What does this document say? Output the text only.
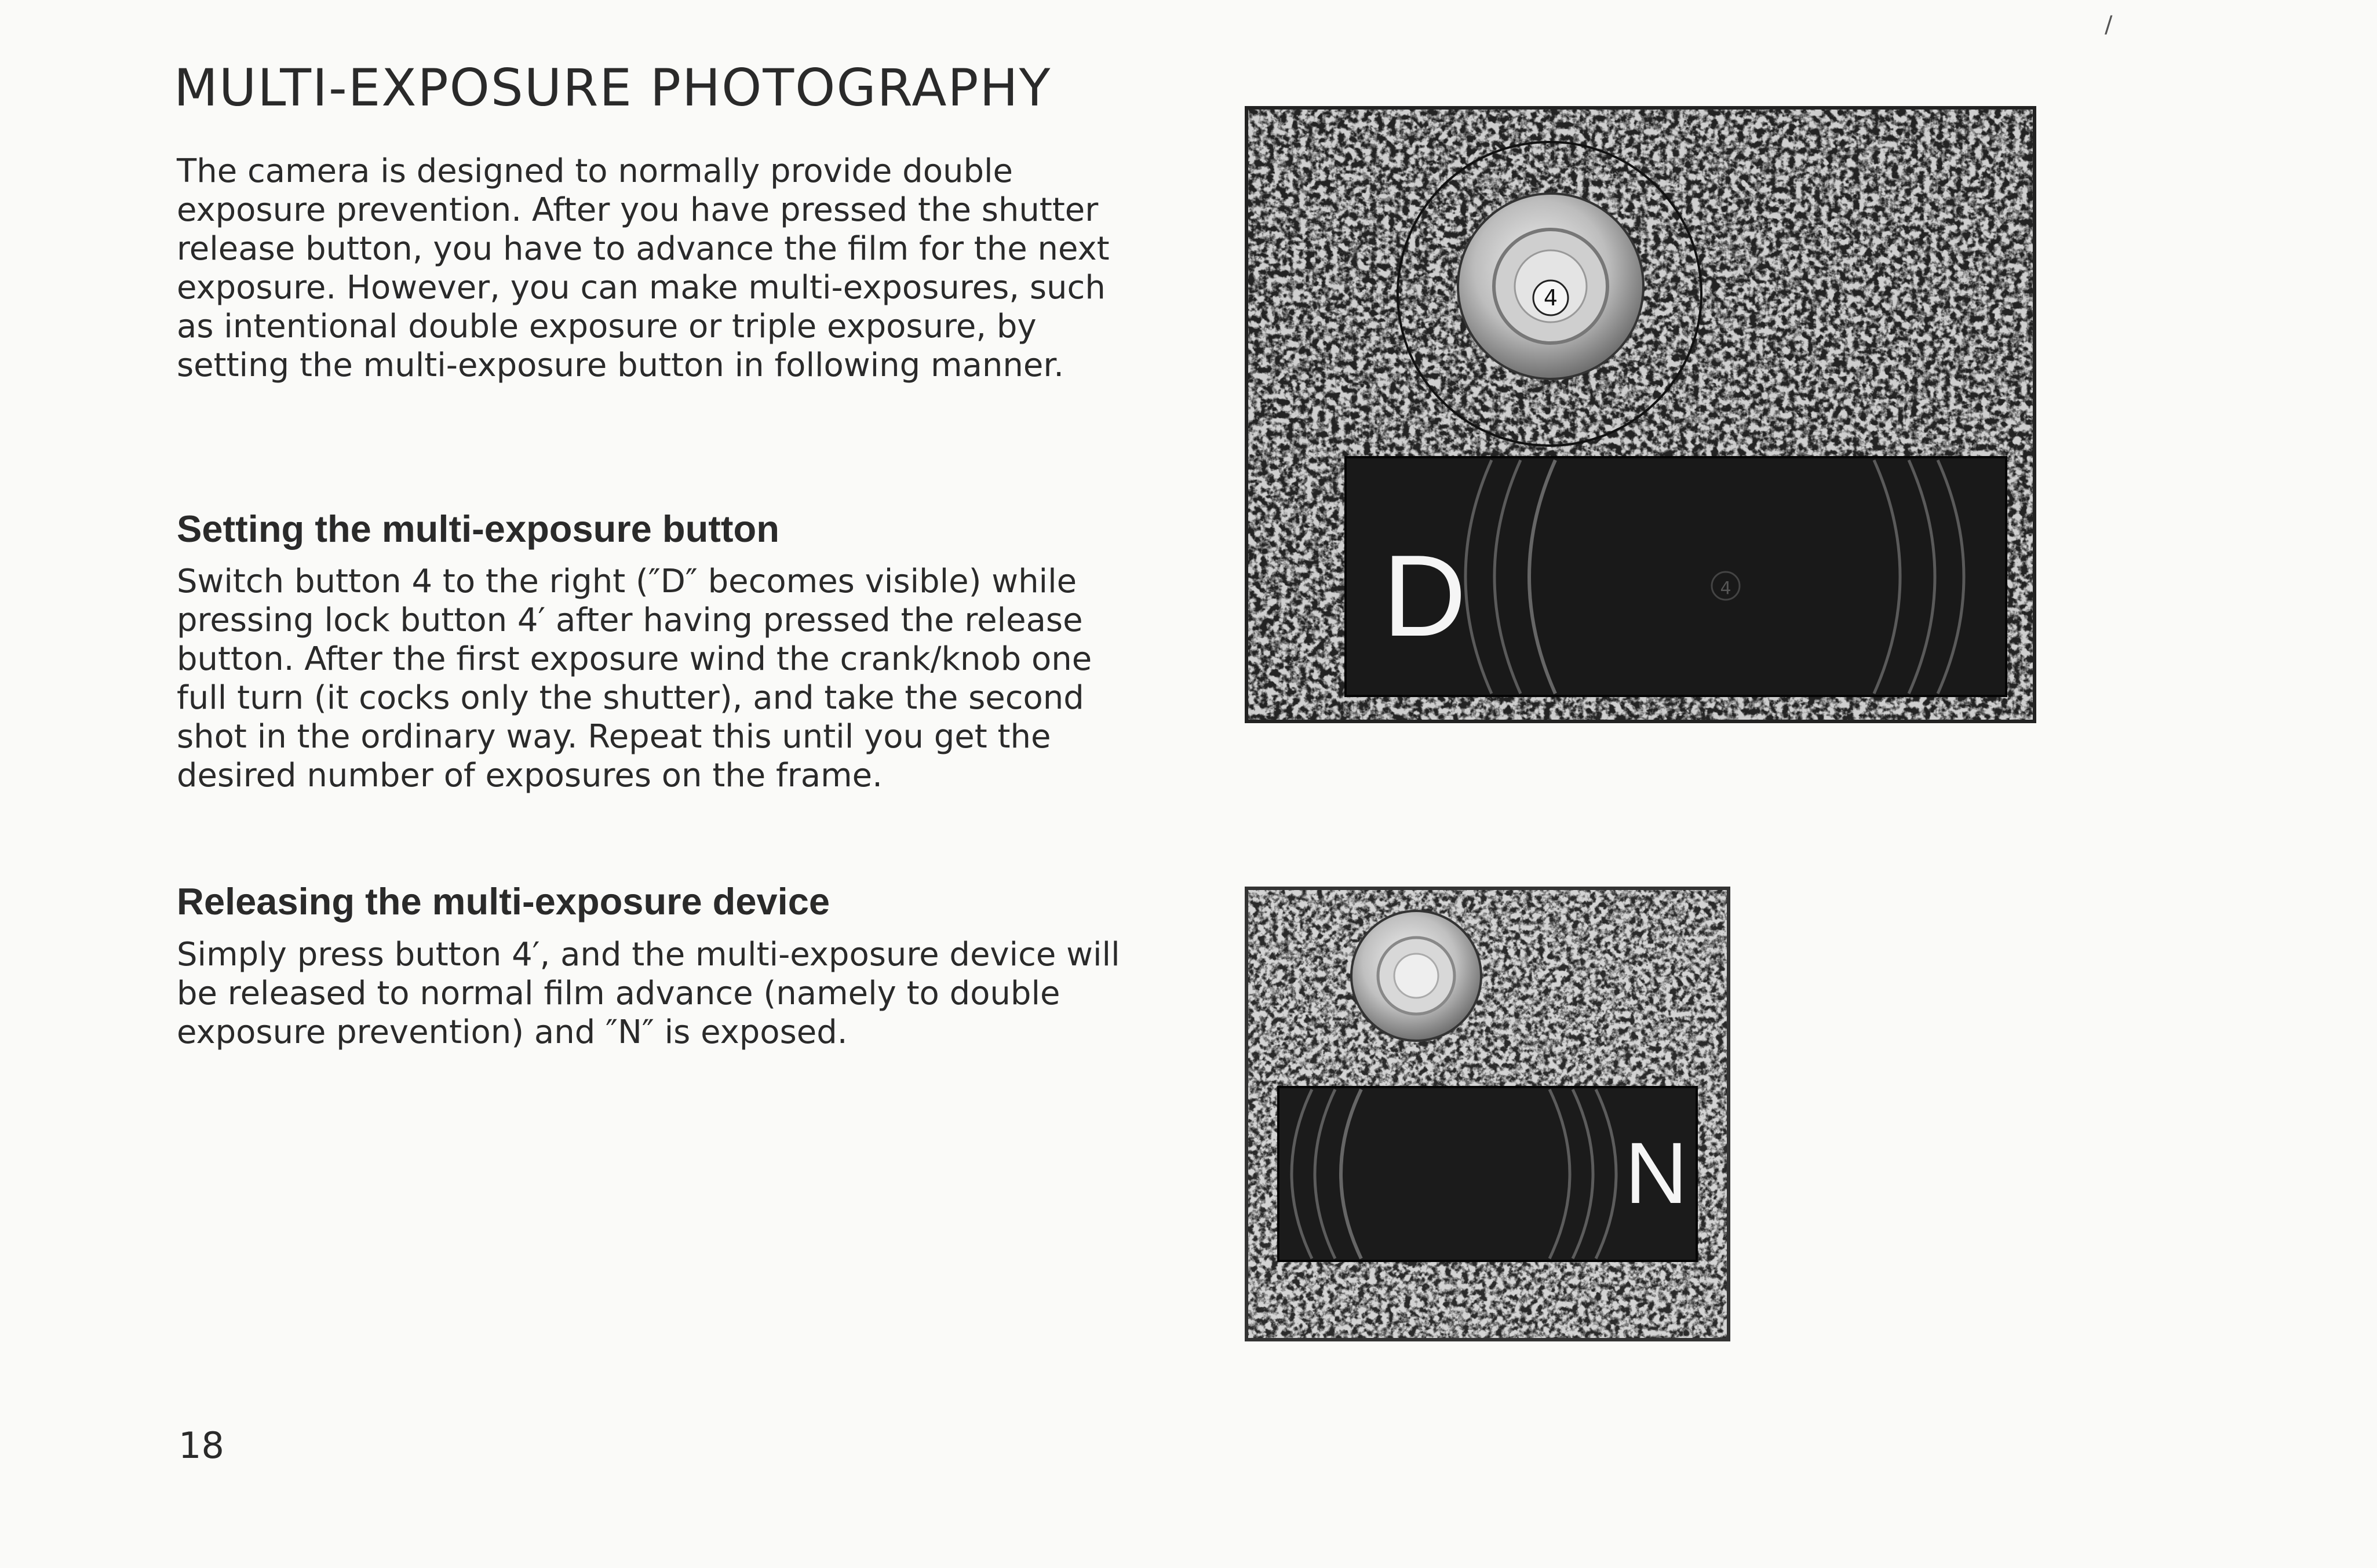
/
MULTI-EXPOSURE PHOTOGRAPHY
The camera is designed to normally provide double
exposure prevention. After you have pressed the shutter
release button, you have to advance the film for the next
exposure. However, you can make multi-exposures, such
as intentional double exposure or triple exposure, by
setting the multi-exposure button in following manner.
Setting the multi-exposure button
Switch button 4 to the right (″D″ becomes visible) while
pressing lock button 4′ after having pressed the release
button. After the first exposure wind the crank/knob one
full turn (it cocks only the shutter), and take the second
shot in the ordinary way. Repeat this until you get the
desired number of exposures on the frame.
Releasing the multi-exposure device
Simply press button 4′, and the multi-exposure device will
be released to normal film advance (namely to double
exposure prevention) and ″N″ is exposed.
18
4
4
D
N
